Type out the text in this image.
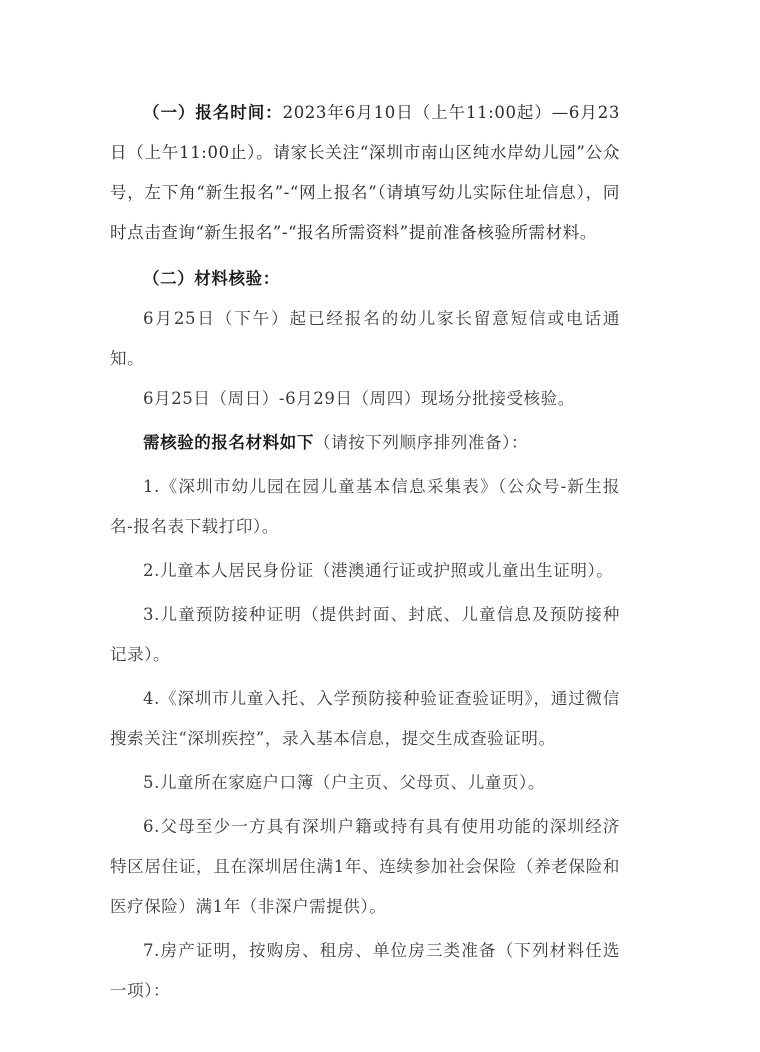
（一）报名时间：2023年6月10日（上午11:00起）—6月23日（上午11:00止）。请家长关注“深圳市南山区纯水岸幼儿园”公众号，左下角“新生报名”-“网上报名”（请填写幼儿实际住址信息），同时点击查询“新生报名”-“报名所需资料”提前准备核验所需材料。

（二）材料核验：

6月25日（下午）起已经报名的幼儿家长留意短信或电话通知。

6月25日（周日）-6月29日（周四）现场分批接受核验。

需核验的报名材料如下（请按下列顺序排列准备）：

1.《深圳市幼儿园在园儿童基本信息采集表》（公众号-新生报名-报名表下载打印）。

2.儿童本人居民身份证（港澳通行证或护照或儿童出生证明）。

3.儿童预防接种证明（提供封面、封底、儿童信息及预防接种记录）。

4.《深圳市儿童入托、入学预防接种验证查验证明》，通过微信搜索关注“深圳疾控”，录入基本信息，提交生成查验证明。

5.儿童所在家庭户口簿（户主页、父母页、儿童页）。

6.父母至少一方具有深圳户籍或持有具有使用功能的深圳经济特区居住证，且在深圳居住满1年、连续参加社会保险（养老保险和医疗保险）满1年（非深户需提供）。

7.房产证明，按购房、租房、单位房三类准备（下列材料任选一项）：
